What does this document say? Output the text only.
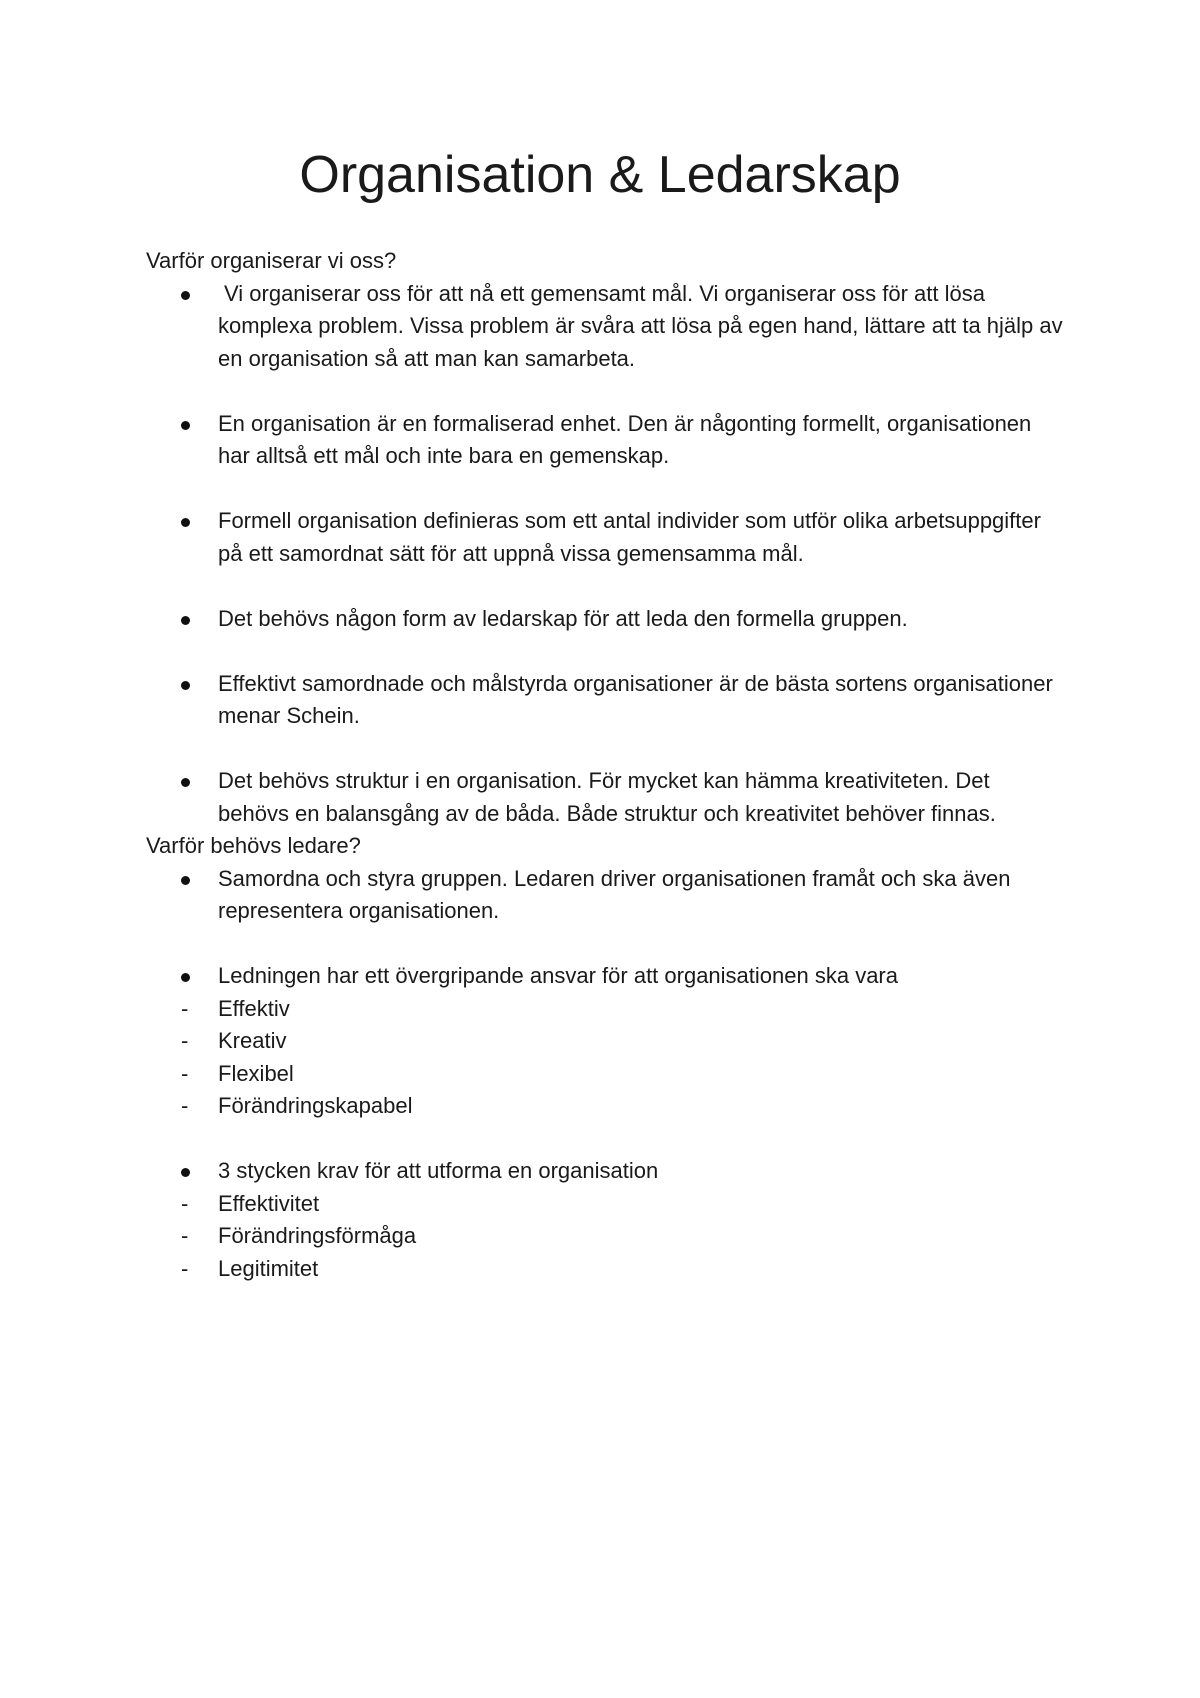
Organisation & Ledarskap

Varför organiserar vi oss?

Vi organiserar oss för att nå ett gemensamt mål. Vi organiserar oss för att lösa komplexa problem. Vissa problem är svåra att lösa på egen hand, lättare att ta hjälp av en organisation så att man kan samarbeta.
En organisation är en formaliserad enhet. Den är någonting formellt, organisationen har alltså ett mål och inte bara en gemenskap.
Formell organisation definieras som ett antal individer som utför olika arbetsuppgifter på ett samordnat sätt för att uppnå vissa gemensamma mål.
Det behövs någon form av ledarskap för att leda den formella gruppen.
Effektivt samordnade och målstyrda organisationer är de bästa sortens organisationer menar Schein.
Det behövs struktur i en organisation. För mycket kan hämma kreativiteten. Det behövs en balansgång av de båda. Både struktur och kreativitet behöver finnas.

Varför behövs ledare?

Samordna och styra gruppen. Ledaren driver organisationen framåt och ska även representera organisationen.
Ledningen har ett övergripande ansvar för att organisationen ska vara
-	Effektiv
-	Kreativ
-	Flexibel
-	Förändringskapabel
3 stycken krav för att utforma en organisation
-	Effektivitet
-	Förändringsförmåga
-	Legitimitet
